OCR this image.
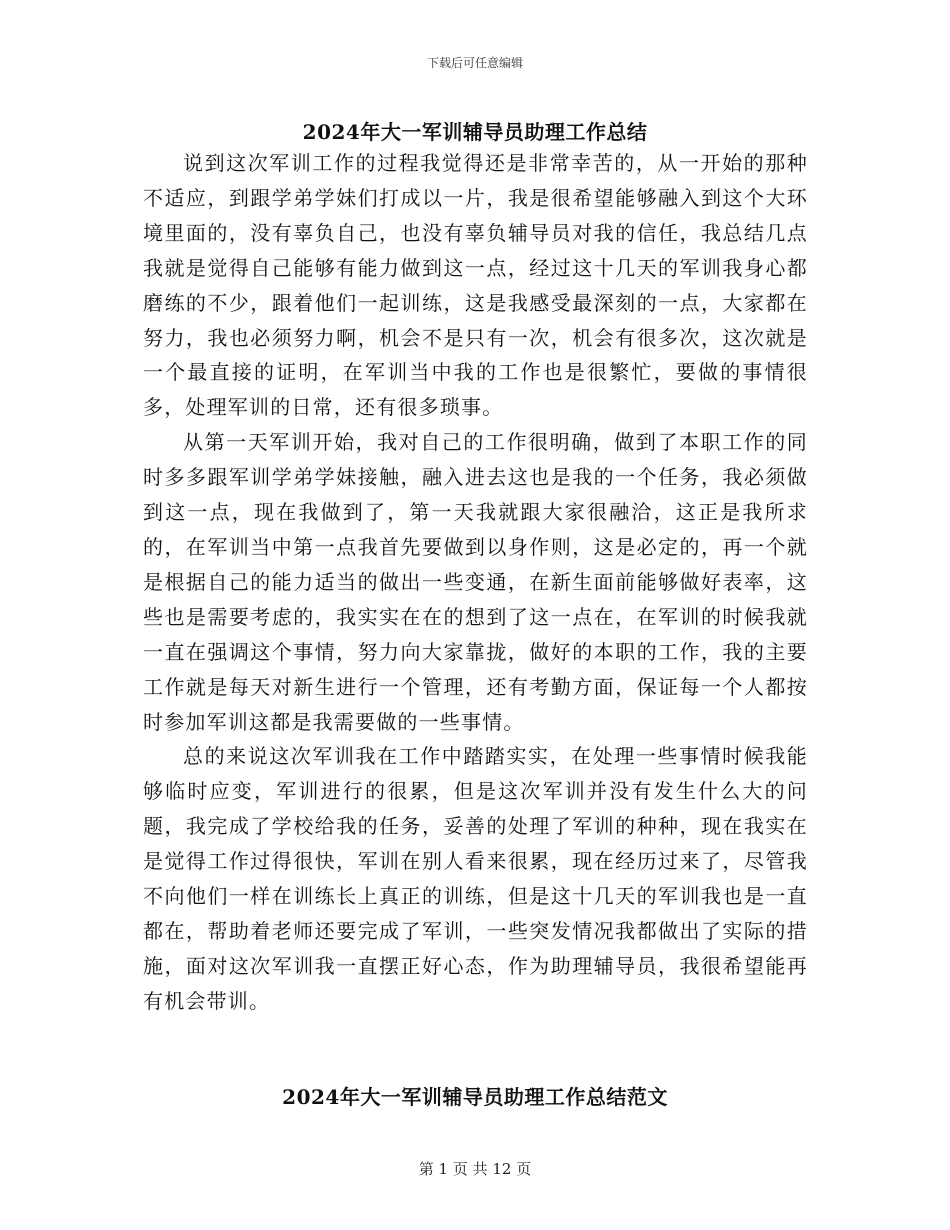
下载后可任意编辑
2024年大一军训辅导员助理工作总结

说到这次军训工作的过程我觉得还是非常幸苦的，从一开始的那种不适应，到跟学弟学妹们打成以一片，我是很希望能够融入到这个大环境里面的，没有辜负自己，也没有辜负辅导员对我的信任，我总结几点我就是觉得自己能够有能力做到这一点，经过这十几天的军训我身心都磨练的不少，跟着他们一起训练，这是我感受最深刻的一点，大家都在努力，我也必须努力啊，机会不是只有一次，机会有很多次，这次就是一个最直接的证明，在军训当中我的工作也是很繁忙，要做的事情很多，处理军训的日常，还有很多琐事。

从第一天军训开始，我对自己的工作很明确，做到了本职工作的同时多多跟军训学弟学妹接触，融入进去这也是我的一个任务，我必须做到这一点，现在我做到了，第一天我就跟大家很融洽，这正是我所求的，在军训当中第一点我首先要做到以身作则，这是必定的，再一个就是根据自己的能力适当的做出一些变通，在新生面前能够做好表率，这些也是需要考虑的，我实实在在的想到了这一点在，在军训的时候我就一直在强调这个事情，努力向大家靠拢，做好的本职的工作，我的主要工作就是每天对新生进行一个管理，还有考勤方面，保证每一个人都按时参加军训这都是我需要做的一些事情。

总的来说这次军训我在工作中踏踏实实，在处理一些事情时候我能够临时应变，军训进行的很累，但是这次军训并没有发生什么大的问题，我完成了学校给我的任务，妥善的处理了军训的种种，现在我实在是觉得工作过得很快，军训在别人看来很累，现在经历过来了，尽管我不向他们一样在训练长上真正的训练，但是这十几天的军训我也是一直都在，帮助着老师还要完成了军训，一些突发情况我都做出了实际的措施，面对这次军训我一直摆正好心态，作为助理辅导员，我很希望能再有机会带训。

2024年大一军训辅导员助理工作总结范文
第 1 页 共 12 页
